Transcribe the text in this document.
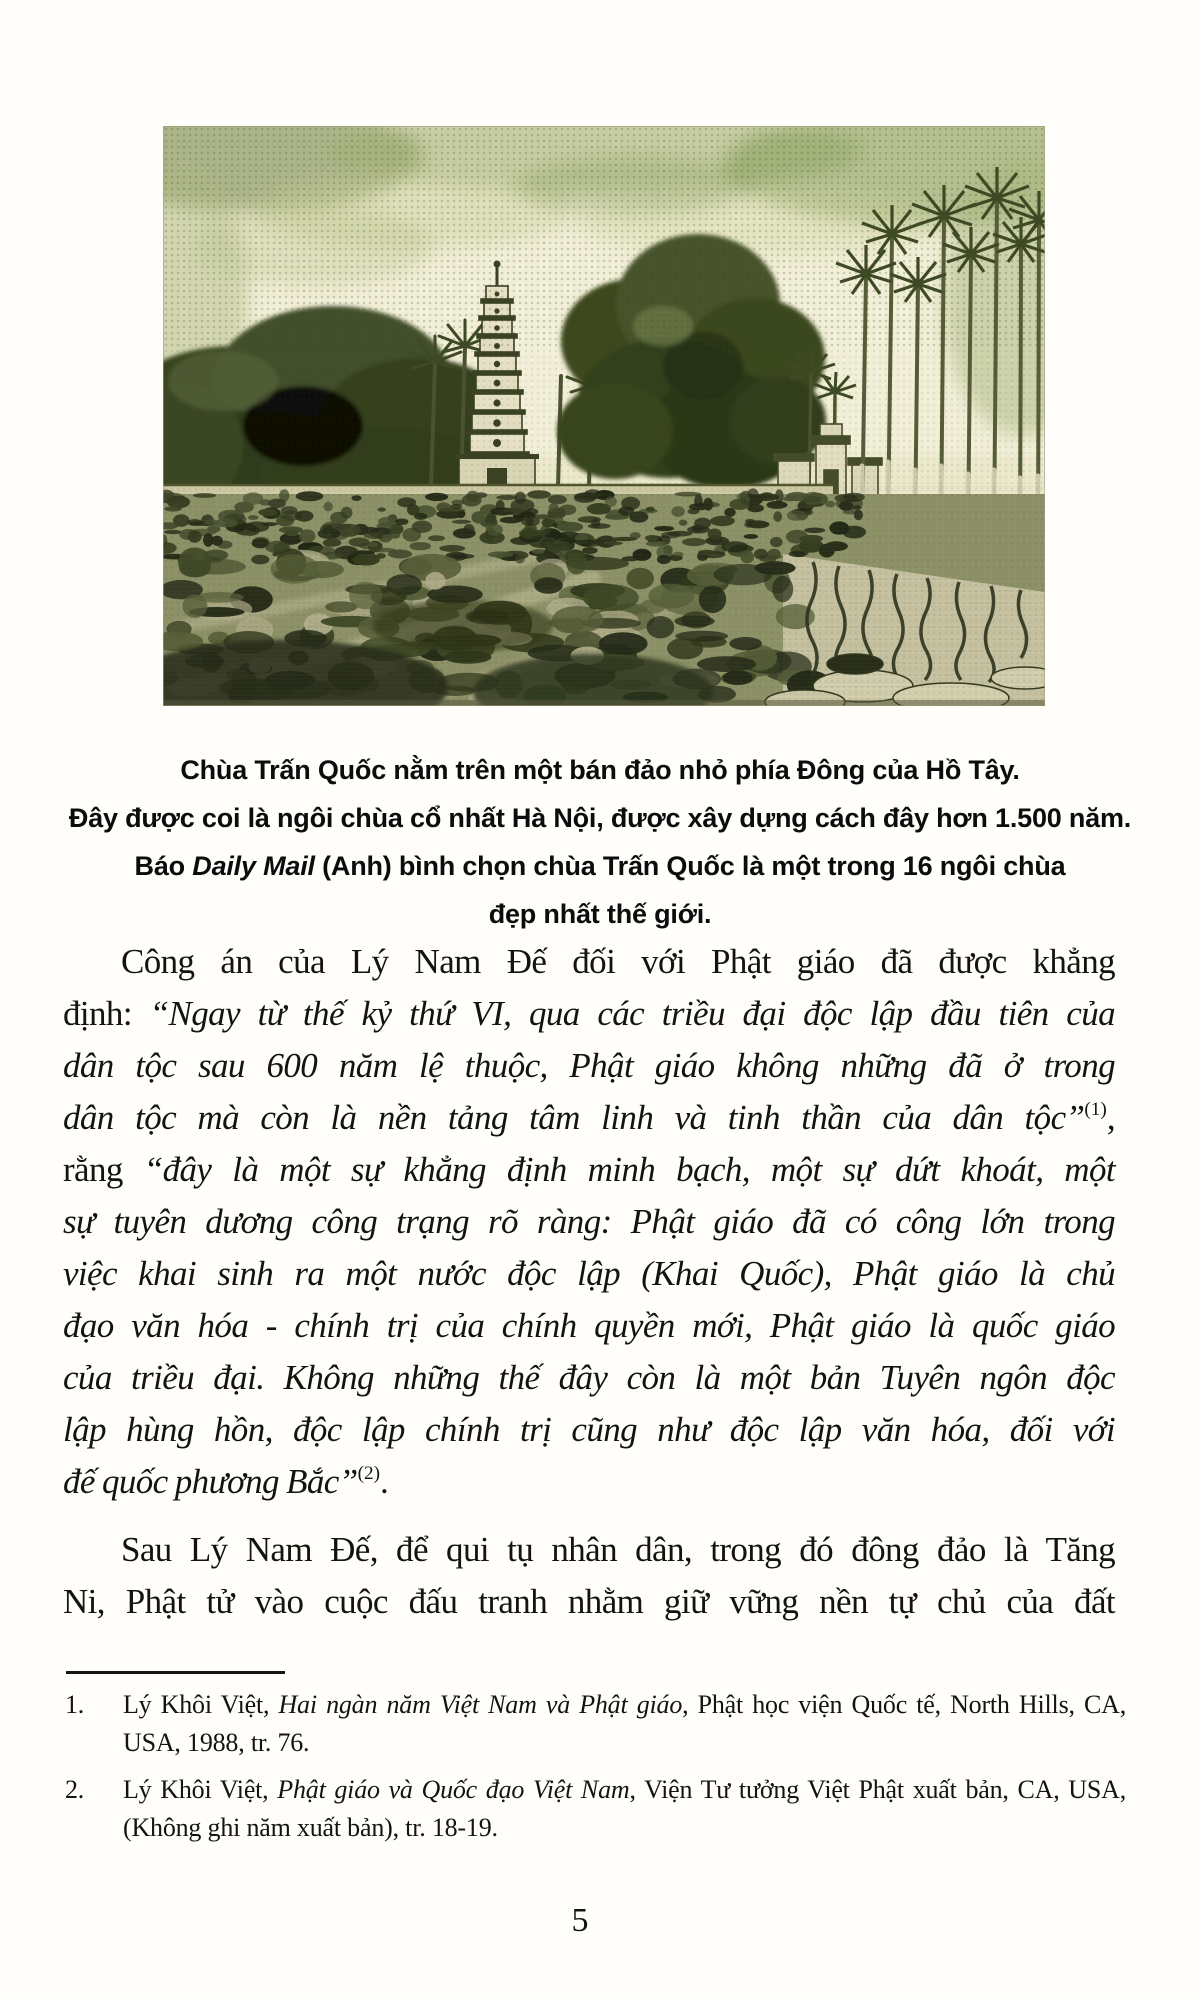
Chùa Trấn Quốc nằm trên một bán đảo nhỏ phía Đông của Hồ Tây.
Đây được coi là ngôi chùa cổ nhất Hà Nội, được xây dựng cách đây hơn 1.500 năm.
Báo Daily Mail (Anh) bình chọn chùa Trấn Quốc là một trong 16 ngôi chùa
đẹp nhất thế giới.
Công án của Lý Nam Đế đối với Phật giáo đã được khẳng
định: “Ngay từ thế kỷ thứ VI, qua các triều đại độc lập đầu tiên của
dân tộc sau 600 năm lệ thuộc, Phật giáo không những đã ở trong
dân tộc mà còn là nền tảng tâm linh và tinh thần của dân tộc”$^{(1)}$,
rằng “đây là một sự khẳng định minh bạch, một sự dứt khoát, một
sự tuyên dương công trạng rõ ràng: Phật giáo đã có công lớn trong
việc khai sinh ra một nước độc lập (Khai Quốc), Phật giáo là chủ
đạo văn hóa - chính trị của chính quyền mới, Phật giáo là quốc giáo
của triều đại. Không những thế đây còn là một bản Tuyên ngôn độc
lập hùng hồn, độc lập chính trị cũng như độc lập văn hóa, đối với
đế quốc phương Bắc”$^{(2)}$.
Sau Lý Nam Đế, để qui tụ nhân dân, trong đó đông đảo là Tăng
Ni, Phật tử vào cuộc đấu tranh nhằm giữ vững nền tự chủ của đất
1. Lý Khôi Việt, Hai ngàn năm Việt Nam và Phật giáo, Phật học viện Quốc tế, North Hills, CA, USA, 1988, tr. 76.
2. Lý Khôi Việt, Phật giáo và Quốc đạo Việt Nam, Viện Tư tưởng Việt Phật xuất bản, CA, USA, (Không ghi năm xuất bản), tr. 18-19.
5
